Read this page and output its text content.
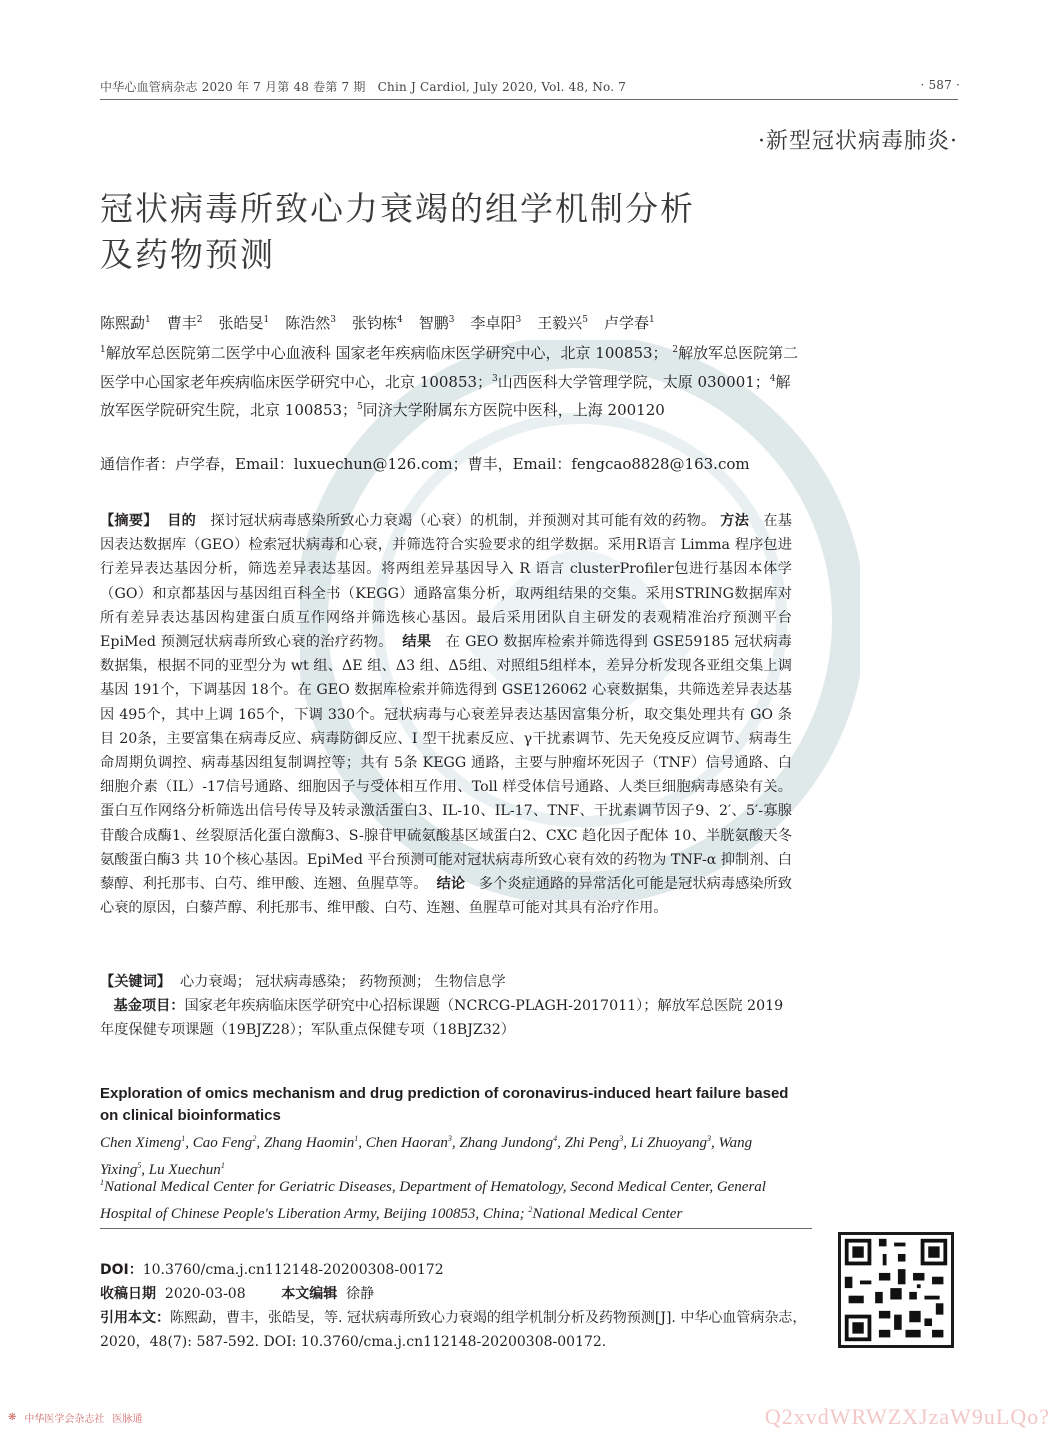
中华心血管病杂志 2020 年 7 月第 48 卷第 7 期 Chin J Cardiol, July 2020, Vol. 48, No. 7	· 587 ·
·新型冠状病毒肺炎·
冠状病毒所致心力衰竭的组学机制分析
及药物预测
陈熙勐$^1$ 曹丰$^2$ 张皓旻$^1$ 陈浩然$^3$ 张钧栋$^4$ 智鹏$^3$ 李卓阳$^3$ 王毅兴$^5$ 卢学春$^1$
$^1$解放军总医院第二医学中心血液科 国家老年疾病临床医学研究中心，北京 100853； $^2$解放军总医院第二医学中心国家老年疾病临床医学研究中心，北京 100853；$^3$山西医科大学管理学院，太原 030001；$^4$解放军医学院研究生院，北京 100853；$^5$同济大学附属东方医院中医科，上海 200120
通信作者：卢学春，Email：luxuechun@126.com；曹丰，Email：fengcao8828@163.com
【摘要】 目的 探讨冠状病毒感染所致心力衰竭（心衰）的机制，并预测对其可能有效的药物。 方法 在基因表达数据库（GEO）检索冠状病毒和心衰，并筛选符合实验要求的组学数据。采用R语言 Limma 程序包进行差异表达基因分析，筛选差异表达基因。将两组差异基因导入 R 语言 clusterProfiler包进行基因本体学（GO）和京都基因与基因组百科全书（KEGG）通路富集分析，取两组结果的交集。采用STRING数据库对所有差异表达基因构建蛋白质互作网络并筛选核心基因。最后采用团队自主研发的表观精准治疗预测平台 EpiMed 预测冠状病毒所致心衰的治疗药物。 结果 在 GEO 数据库检索并筛选得到 GSE59185 冠状病毒数据集，根据不同的亚型分为 wt 组、ΔE 组、Δ3 组、Δ5组、对照组5组样本，差异分析发现各亚组交集上调基因 191个，下调基因 18个。在 GEO 数据库检索并筛选得到 GSE126062 心衰数据集，共筛选差异表达基因 495个，其中上调 165个，下调 330个。冠状病毒与心衰差异表达基因富集分析，取交集处理共有 GO 条目 20条，主要富集在病毒反应、病毒防御反应、Ⅰ 型干扰素反应、γ干扰素调节、先天免疫反应调节、病毒生命周期负调控、病毒基因组复制调控等；共有 5条 KEGG 通路，主要与肿瘤坏死因子（TNF）信号通路、白细胞介素（IL）-17信号通路、细胞因子与受体相互作用、Toll 样受体信号通路、人类巨细胞病毒感染有关。蛋白互作网络分析筛选出信号传导及转录激活蛋白3、IL-10、IL-17、TNF、干扰素调节因子9、2′、5′-寡腺苷酸合成酶1、丝裂原活化蛋白激酶3、S-腺苷甲硫氨酸基区域蛋白2、CXC 趋化因子配体 10、半胱氨酸天冬氨酸蛋白酶3 共 10个核心基因。EpiMed 平台预测可能对冠状病毒所致心衰有效的药物为 TNF-α 抑制剂、白藜醇、利托那韦、白芍、维甲酸、连翘、鱼腥草等。 结论 多个炎症通路的异常活化可能是冠状病毒感染所致心衰的原因，白藜芦醇、利托那韦、维甲酸、白芍、连翘、鱼腥草可能对其具有治疗作用。
【关键词】 心力衰竭； 冠状病毒感染； 药物预测； 生物信息学
基金项目：国家老年疾病临床医学研究中心招标课题（NCRCG-PLAGH-2017011）；解放军总医院 2019年度保健专项课题（19BJZ28）；军队重点保健专项（18BJZ32）
Exploration of omics mechanism and drug prediction of coronavirus-induced heart failure based on clinical bioinformatics
Chen Ximeng$^1$, Cao Feng$^2$, Zhang Haomin$^1$, Chen Haoran$^3$, Zhang Jundong$^4$, Zhi Peng$^3$, Li Zhuoyang$^3$, Wang Yixing$^5$, Lu Xuechun$^1$
$^1$National Medical Center for Geriatric Diseases, Department of Hematology, Second Medical Center, General Hospital of Chinese People's Liberation Army, Beijing 100853, China; $^2$National Medical Center
DOI：10.3760/cma.j.cn112148-20200308-00172
收稿日期 2020-03-08	本文编辑 徐静
引用本文：陈熙勐，曹丰，张皓旻，等. 冠状病毒所致心力衰竭的组学机制分析及药物预测[J]. 中华心血管病杂志，2020，48(7): 587-592. DOI: 10.3760/cma.j.cn112148-20200308-00172.
❋ 中华医学会杂志社 医脉通	Q2xvdWRWZXJzaW9uLQo?
